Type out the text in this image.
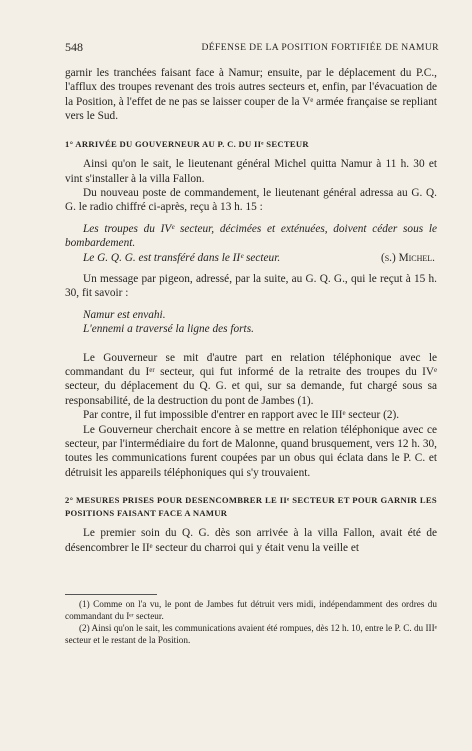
548	DÉFENSE DE LA POSITION FORTIFIÉE DE NAMUR

garnir les tranchées faisant face à Namur; ensuite, par le déplacement du P.C., l'afflux des troupes revenant des trois autres secteurs et, enfin, par l'évacuation de la Position, à l'effet de ne pas se laisser couper de la Vᵉ armée française se repliant vers le Sud.

1° ARRIVÉE DU GOUVERNEUR AU P. C. DU IIᵉ SECTEUR

Ainsi qu'on le sait, le lieutenant général Michel quitta Namur à 11 h. 30 et vint s'installer à la villa Fallon.

Du nouveau poste de commandement, le lieutenant général adressa au G. Q. G. le radio chiffré ci-après, reçu à 13 h. 15 :

Les troupes du IVᵉ secteur, décimées et exténuées, doivent céder sous le bombardement.

Le G. Q. G. est transféré dans le IIᵉ secteur.	(s.) Michel.

Un message par pigeon, adressé, par la suite, au G. Q. G., qui le reçut à 15 h. 30, fit savoir :

Namur est envahi.

L'ennemi a traversé la ligne des forts.

Le Gouverneur se mit d'autre part en relation téléphonique avec le commandant du Iᵉʳ secteur, qui fut informé de la retraite des troupes du IVᵉ secteur, du déplacement du Q. G. et qui, sur sa demande, fut chargé sous sa responsabilité, de la destruction du pont de Jambes (1).

Par contre, il fut impossible d'entrer en rapport avec le IIIᵉ secteur (2).

Le Gouverneur cherchait encore à se mettre en relation téléphonique avec ce secteur, par l'intermédiaire du fort de Malonne, quand brusquement, vers 12 h. 30, toutes les communications furent coupées par un obus qui éclata dans le P. C. et détruisit les appareils téléphoniques qui s'y trouvaient.

2° MESURES PRISES POUR DESENCOMBRER LE IIᵉ SECTEUR ET POUR GARNIR LES POSITIONS FAISANT FACE A NAMUR

Le premier soin du Q. G. dès son arrivée à la villa Fallon, avait été de désencombrer le IIᵉ secteur du charroi qui y était venu la veille et

(1) Comme on l'a vu, le pont de Jambes fut détruit vers midi, indépendamment des ordres du commandant du Iᵉʳ secteur.

(2) Ainsi qu'on le sait, les communications avaient été rompues, dès 12 h. 10, entre le P. C. du IIIᵉ secteur et le restant de la Position.
